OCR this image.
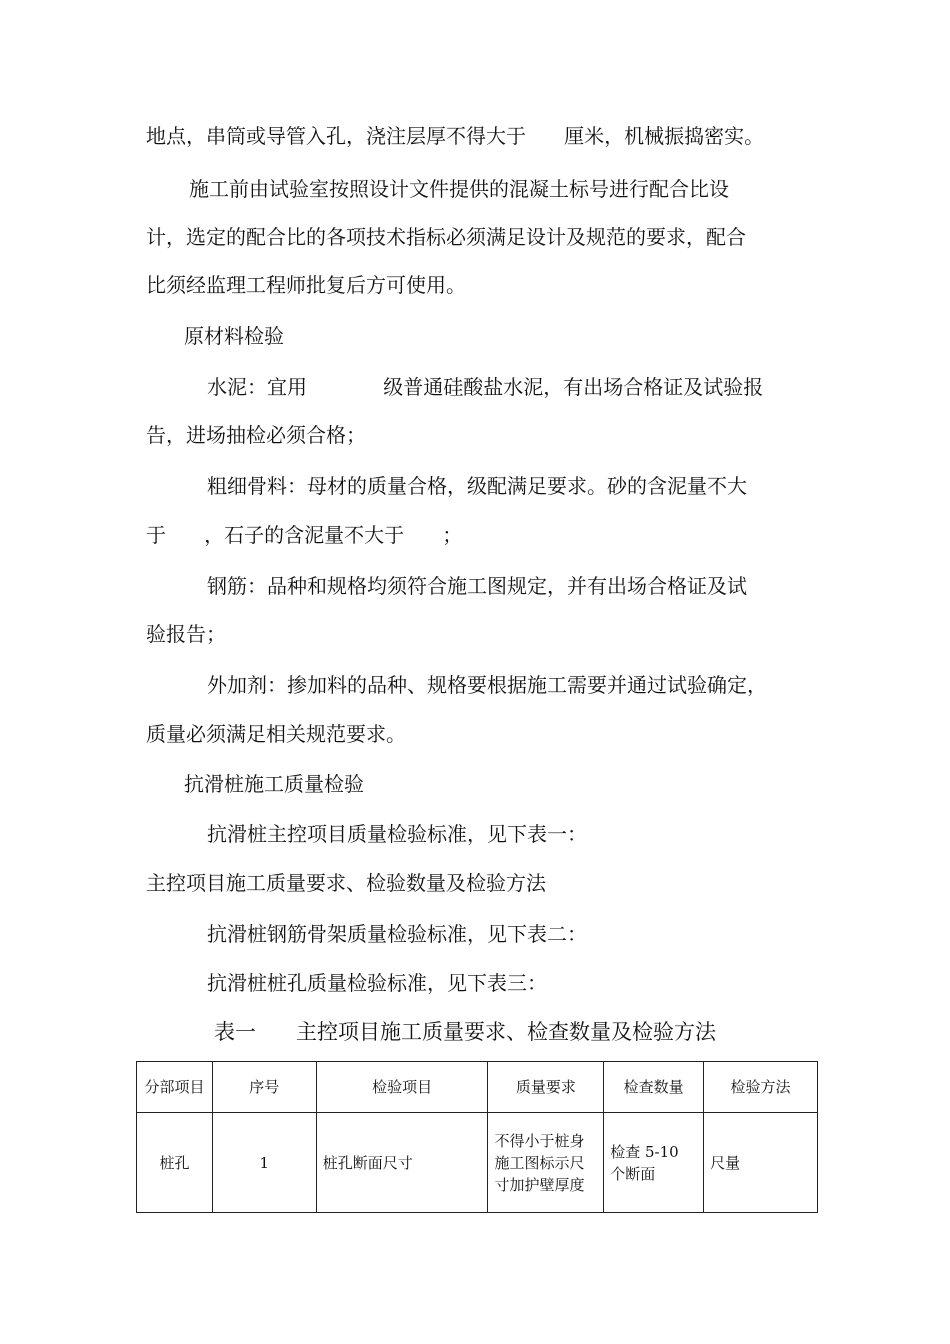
地点，串筒或导管入孔，浇注层厚不得大于      厘米，机械振捣密实。
施工前由试验室按照设计文件提供的混凝土标号进行配合比设
计，选定的配合比的各项技术指标必须满足设计及规范的要求，配合
比须经监理工程师批复后方可使用。
原材料检验
水泥：宜用            级普通硅酸盐水泥，有出场合格证及试验报
告，进场抽检必须合格；
粗细骨料：母材的质量合格，级配满足要求。砂的含泥量不大
于      ，石子的含泥量不大于      ；
钢筋：品种和规格均须符合施工图规定，并有出场合格证及试
验报告；
外加剂：掺加料的品种、规格要根据施工需要并通过试验确定，
质量必须满足相关规范要求。
抗滑桩施工质量检验
抗滑桩主控项目质量检验标准，见下表一：
主控项目施工质量要求、检验数量及检验方法
抗滑桩钢筋骨架质量检验标准，见下表二：
抗滑桩桩孔质量检验标准，见下表三：
表一      主控项目施工质量要求、检查数量及检验方法
分部项目	序号	检验项目	质量要求	检查数量	检验方法
桩孔	1	桩孔断面尺寸	不得小于桩身施工图标示尺寸加护壁厚度	检查 5-10 个断面	尺量
